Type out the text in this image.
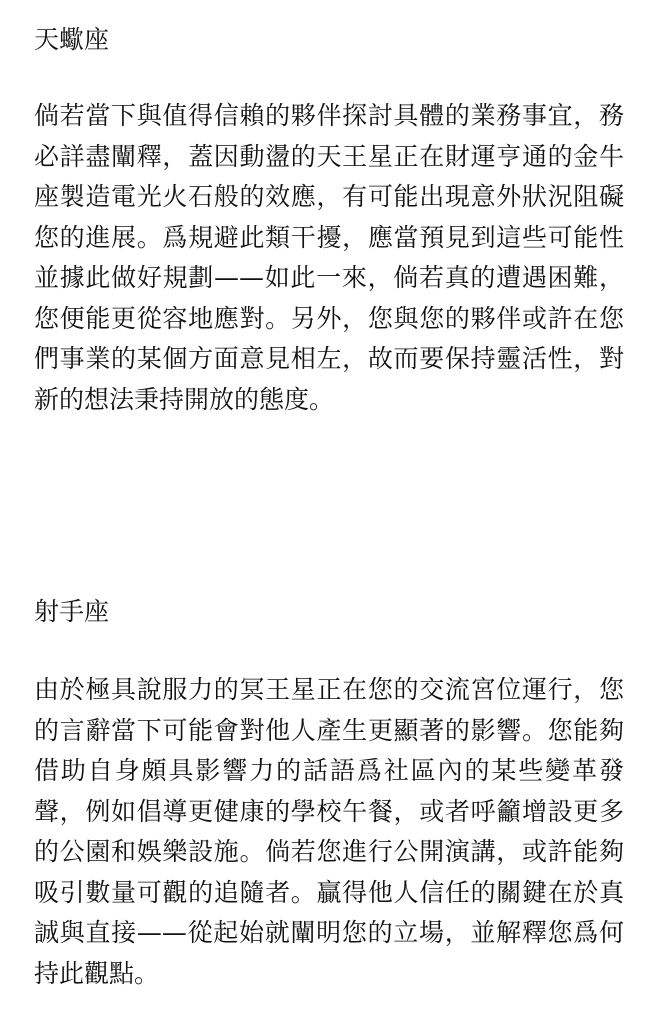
天蠍座

倘若當下與值得信賴的夥伴探討具體的業務事宜，務必詳盡闡釋，蓋因動盪的天王星正在財運亨通的金牛座製造電光火石般的效應，有可能出現意外狀況阻礙您的進展。爲規避此類干擾，應當預見到這些可能性並據此做好規劃——如此一來，倘若真的遭遇困難，您便能更從容地應對。另外，您與您的夥伴或許在您們事業的某個方面意見相左，故而要保持靈活性，對新的想法秉持開放的態度。

射手座

由於極具說服力的冥王星正在您的交流宮位運行，您的言辭當下可能會對他人產生更顯著的影響。您能夠借助自身頗具影響力的話語爲社區內的某些變革發聲，例如倡導更健康的學校午餐，或者呼籲增設更多的公園和娛樂設施。倘若您進行公開演講，或許能夠吸引數量可觀的追隨者。贏得他人信任的關鍵在於真誠與直接——從起始就闡明您的立場，並解釋您爲何持此觀點。
